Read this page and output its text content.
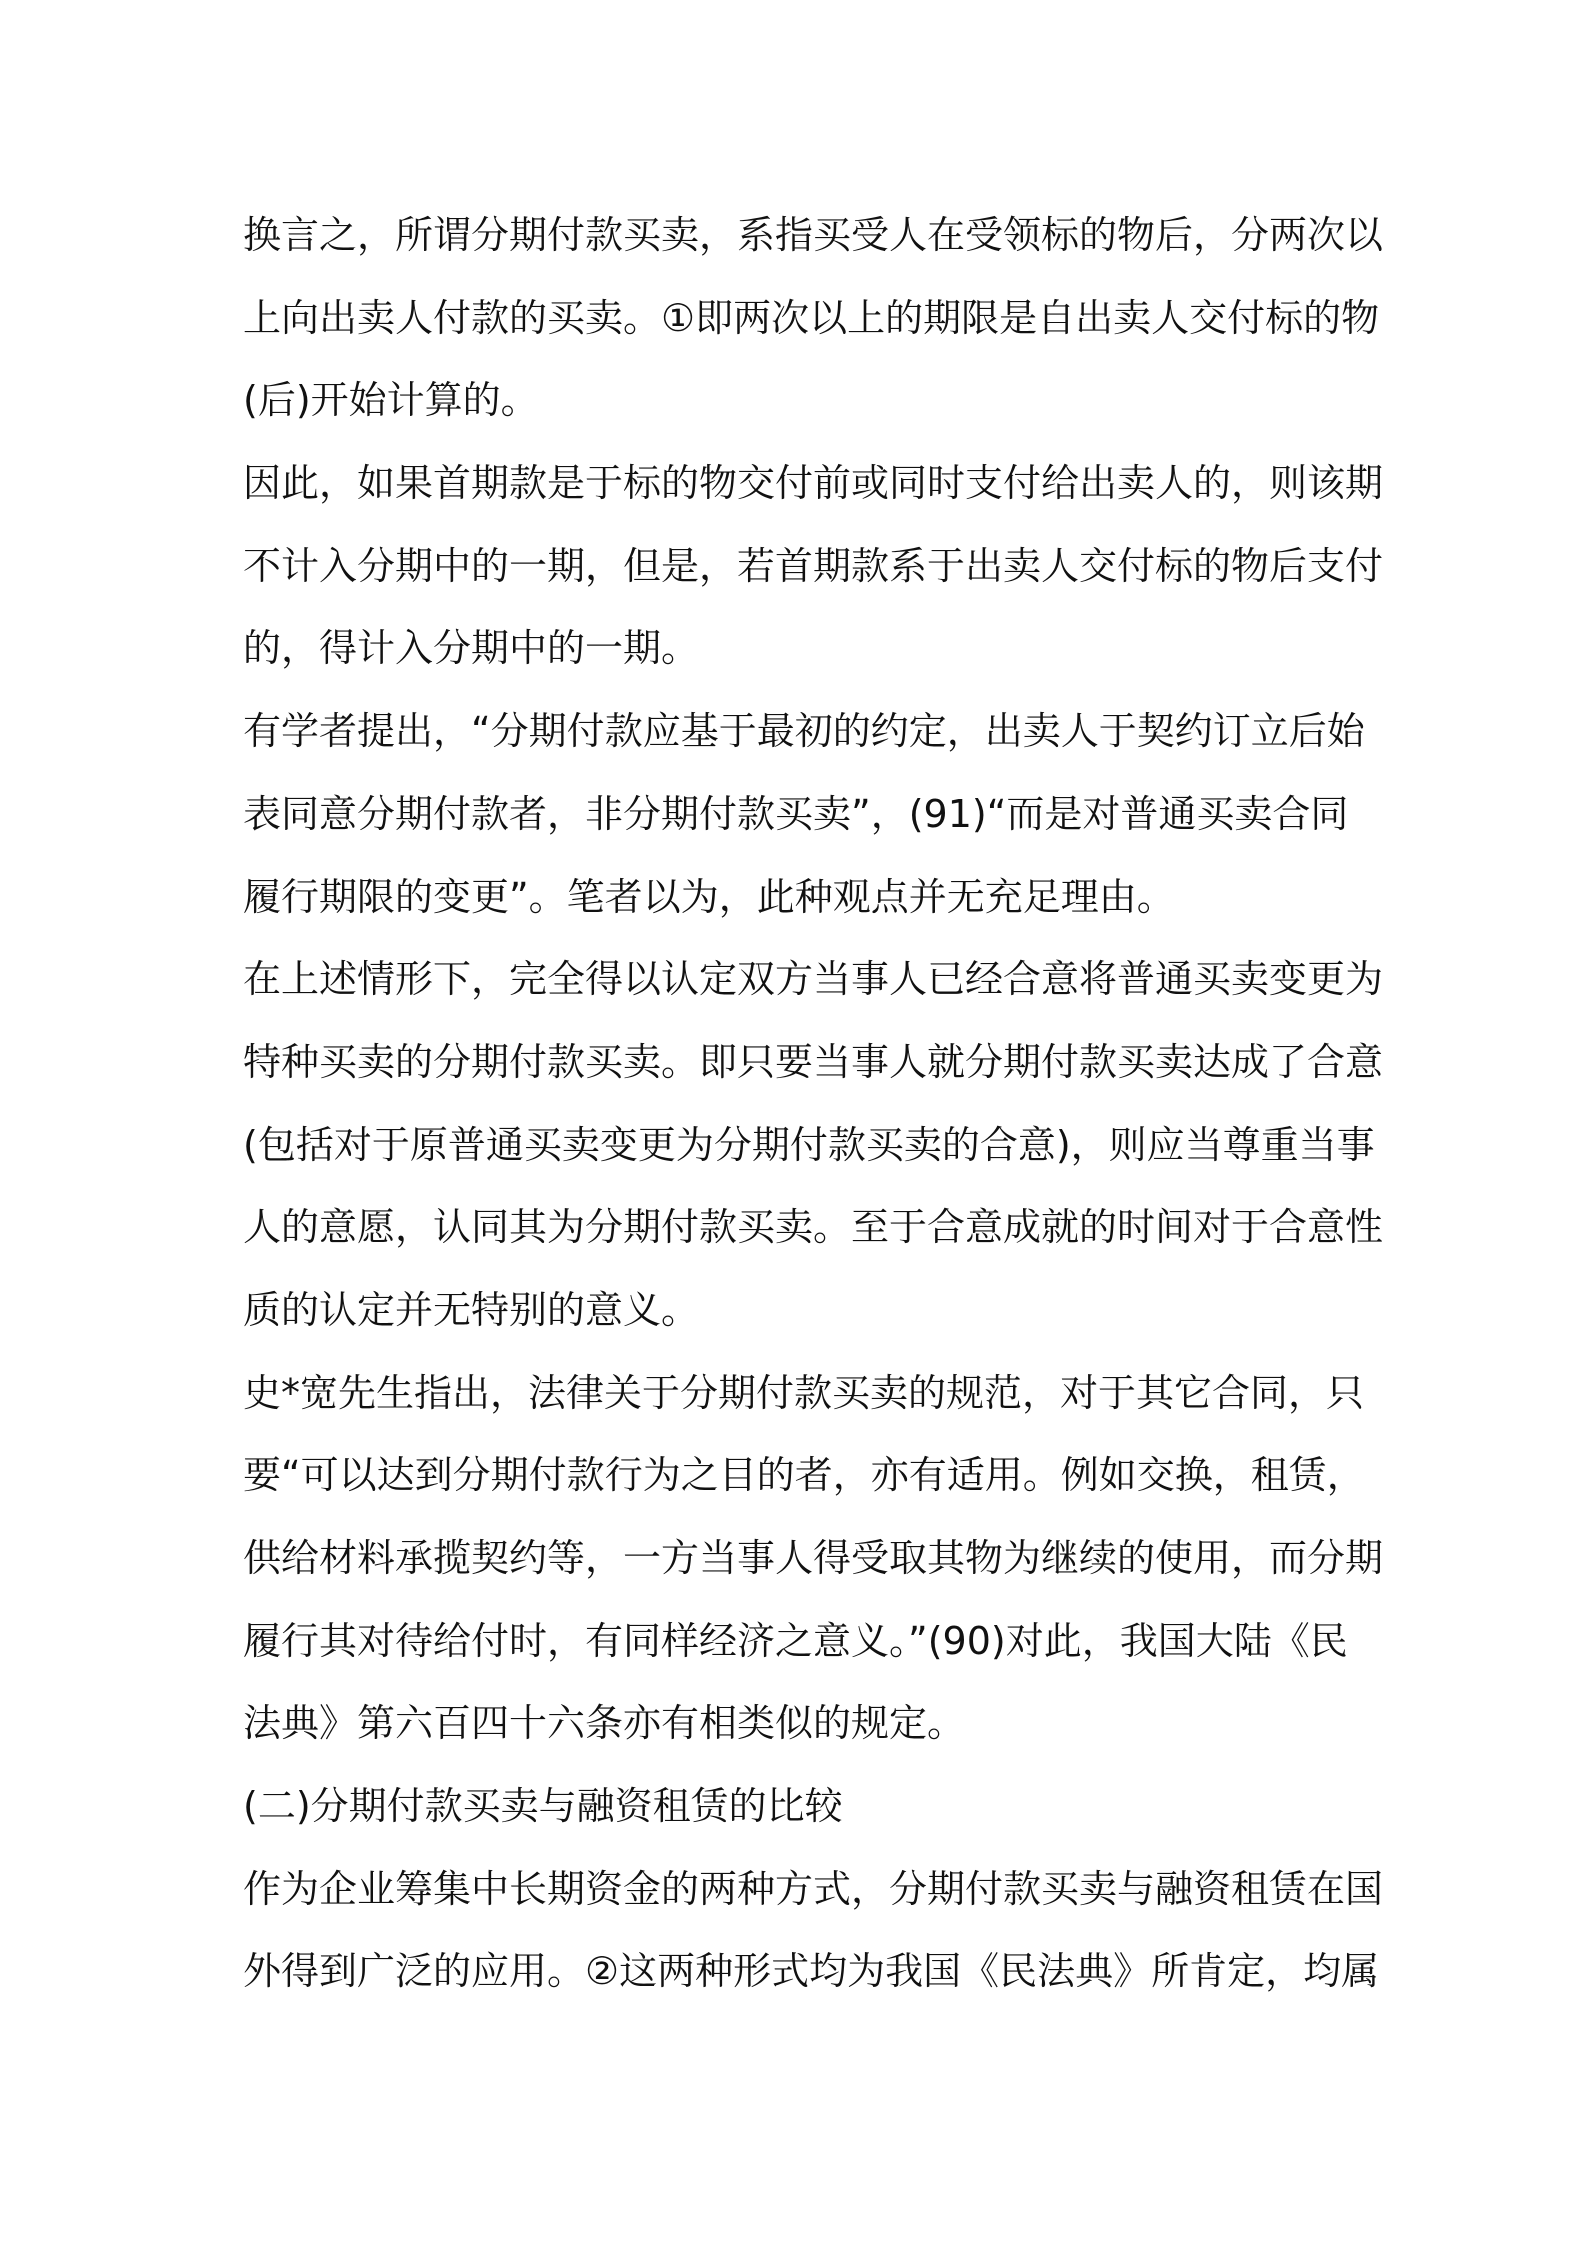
换言之，所谓分期付款买卖，系指买受人在受领标的物后，分两次以
上向出卖人付款的买卖。①即两次以上的期限是自出卖人交付标的物
(后)开始计算的。
因此，如果首期款是于标的物交付前或同时支付给出卖人的，则该期
不计入分期中的一期，但是，若首期款系于出卖人交付标的物后支付
的，得计入分期中的一期。
有学者提出，“分期付款应基于最初的约定，出卖人于契约订立后始
表同意分期付款者，非分期付款买卖”，(91)“而是对普通买卖合同
履行期限的变更”。笔者以为，此种观点并无充足理由。
在上述情形下，完全得以认定双方当事人已经合意将普通买卖变更为
特种买卖的分期付款买卖。即只要当事人就分期付款买卖达成了合意
(包括对于原普通买卖变更为分期付款买卖的合意)，则应当尊重当事
人的意愿，认同其为分期付款买卖。至于合意成就的时间对于合意性
质的认定并无特别的意义。
史*宽先生指出，法律关于分期付款买卖的规范，对于其它合同，只
要“可以达到分期付款行为之目的者，亦有适用。例如交换，租赁，
供给材料承揽契约等，一方当事人得受取其物为继续的使用，而分期
履行其对待给付时，有同样经济之意义。”(90)对此，我国大陆《民
法典》第六百四十六条亦有相类似的规定。
(二)分期付款买卖与融资租赁的比较
作为企业筹集中长期资金的两种方式，分期付款买卖与融资租赁在国
外得到广泛的应用。②这两种形式均为我国《民法典》所肯定，均属
